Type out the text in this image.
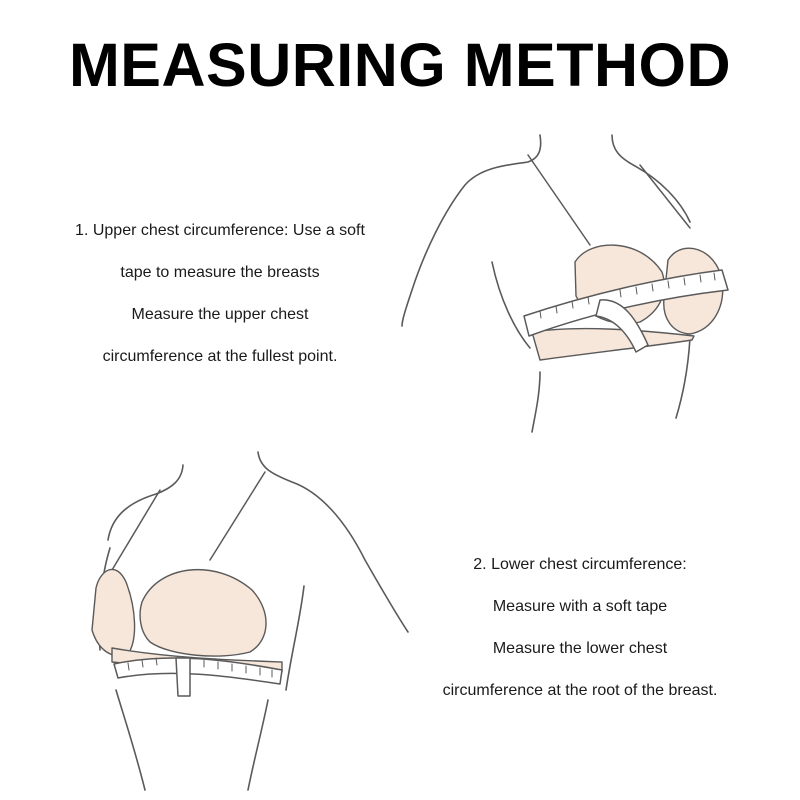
MEASURING METHOD
1. Upper chest circumference: Use a soft
tape to measure the breasts
Measure the upper chest
circumference at the fullest point.
2. Lower chest circumference:
Measure with a soft tape
Measure the lower chest
circumference at the root of the breast.
